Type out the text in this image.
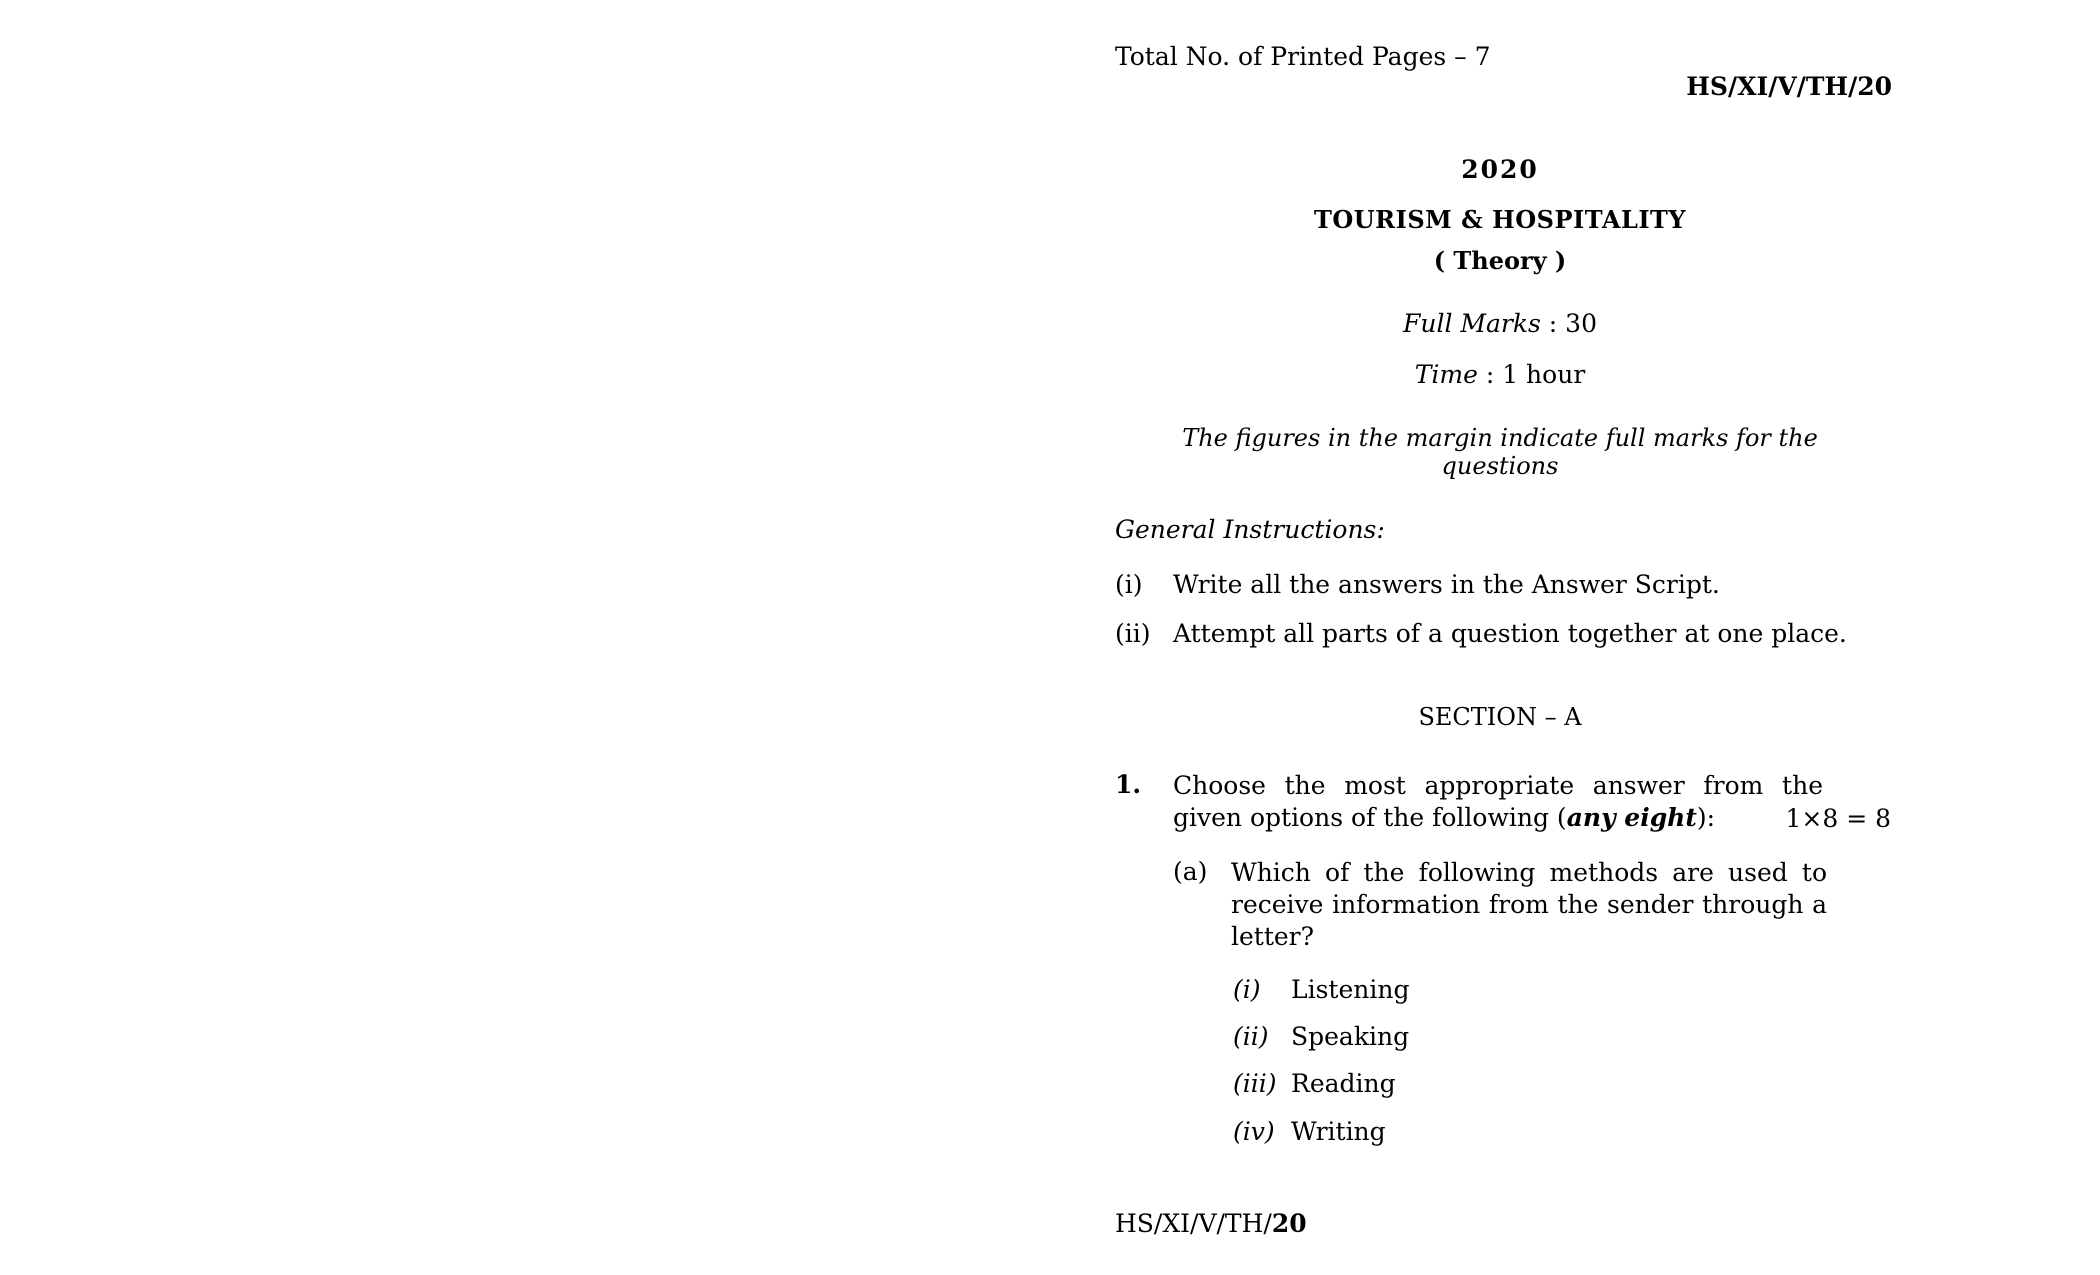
Total No. of Printed Pages – 7
HS/XI/V/TH/20
2020
TOURISM & HOSPITALITY
( Theory )
Full Marks : 30
Time : 1 hour
The figures in the margin indicate full marks for the questions
General Instructions:
(i) Write all the answers in the Answer Script.
(ii) Attempt all parts of a question together at one place.
SECTION – A
1. Choose the most appropriate answer from the given options of the following (any eight):	1×8 = 8
(a) Which of the following methods are used to receive information from the sender through a letter?
(i) Listening
(ii) Speaking
(iii) Reading
(iv) Writing
HS/XI/V/TH/20
